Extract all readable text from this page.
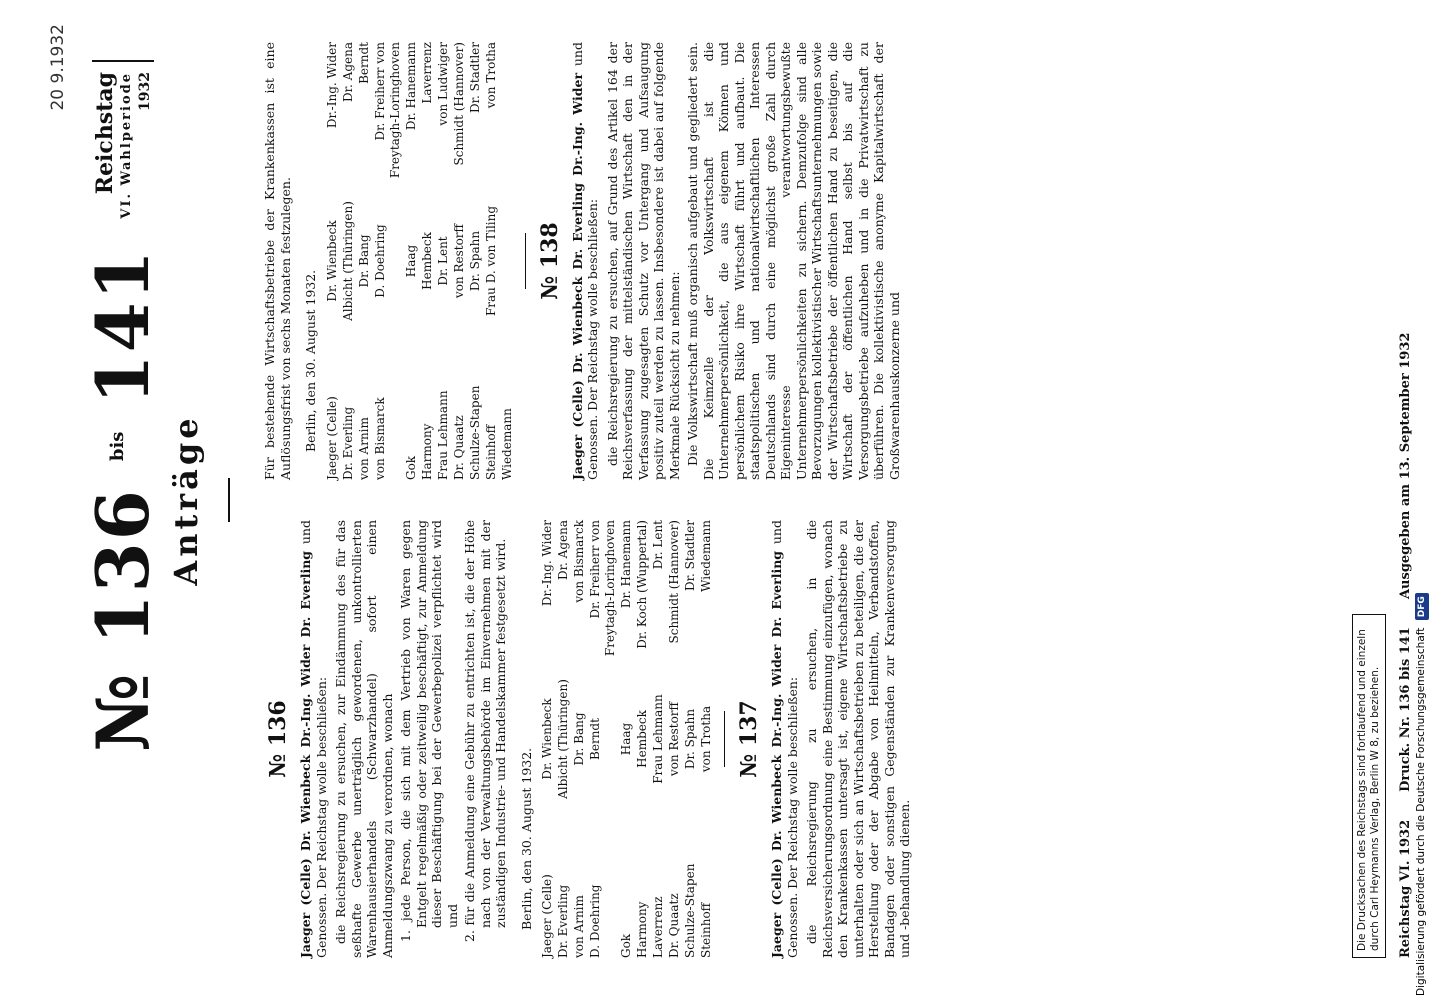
20 9.1932
Reichstag VI. Wahlperiode 1932
№ 136 $^{bis}$ 141
Anträge
№ 136 Jaeger (Celle) Dr. Wienbeck Dr.-Ing. Wider Dr. Everling und Genossen. Der Reichstag wolle beschließen: die Reichsregierung zu ersuchen, zur Eindämmung des für das seßhafte Gewerbe unerträglich gewordenen, unkontrollierten Warenhausierhandels (Schwarzhandel) sofort einen Anmeldungszwang zu verordnen, wonach 1. jede Person, die sich mit dem Vertrieb von Waren gegen Entgelt regelmäßig oder zeitweilig beschäftigt, zur Anmeldung dieser Beschäftigung bei der Gewerbepolizei verpflichtet wird und 2. für die Anmeldung eine Gebühr zu entrichten ist, die der Höhe nach von der Verwaltungsbehörde im Einvernehmen mit der zuständigen Industrie- und Handelskammer festgesetzt wird. Berlin, den 30. August 1932. Jaeger (Celle)
Dr. Wienbeck
Dr.-Ing. Wider
Dr. Everling
Albicht (Thüringen)
Dr. Agena
von Arnim
Dr. Bang
von Bismarck
D. Doehring
Berndt
Dr. Freiherr von Freytagh-Loringhoven
Gok
Haag
Dr. Hanemann
Harmony
Hembeck
Dr. Koch (Wuppertal)
Laverrenz
Frau Lehmann
Dr. Lent
Dr. Quaatz
von Restorff
Schmidt (Hannover)
Schulze-Stapen
Dr. Spahn
Dr. Stadtler
Steinhoff
von Trotha
Wiedemann
№ 137 Jaeger (Celle) Dr. Wienbeck Dr.-Ing. Wider Dr. Everling und Genossen. Der Reichstag wolle beschließen: die Reichsregierung zu ersuchen, in die Reichsversicherungsordnung eine Bestimmung einzufügen, wonach den Krankenkassen untersagt ist, eigene Wirtschaftsbetriebe zu unterhalten oder sich an Wirtschaftsbetrieben zu beteiligen, die der Herstellung oder der Abgabe von Heilmitteln, Verbandstoffen, Bandagen oder sonstigen Gegenständen zur Krankenversorgung und -behandlung dienen.

Für bestehende Wirtschaftsbetriebe der Krankenkassen ist eine Auflösungsfrist von sechs Monaten festzulegen. Berlin, den 30. August 1932. Jaeger (Celle)
Dr. Wienbeck
Dr.-Ing. Wider
Dr. Everling
Albicht (Thüringen)
Dr. Agena
von Arnim
Dr. Bang
Berndt
von Bismarck
D. Doehring
Dr. Freiherr von Freytagh-Loringhoven
Gok
Haag
Dr. Hanemann
Harmony
Hembeck
Laverrenz
Frau Lehmann
Dr. Lent
von Ludwiger
Dr. Quaatz
von Restorff
Schmidt (Hannover)
Schulze-Stapen
Dr. Spahn
Dr. Stadtler
Steinhoff
Frau D. von Tiling
von Trotha
Wiedemann
№ 138 Jaeger (Celle) Dr. Wienbeck Dr. Everling Dr.-Ing. Wider und Genossen. Der Reichstag wolle beschließen: die Reichsregierung zu ersuchen, auf Grund des Artikel 164 der Reichsverfassung der mittelständischen Wirtschaft den in der Verfassung zugesagten Schutz vor Untergang und Aufsaugung positiv zuteil werden zu lassen. Insbesondere ist dabei auf folgende Merkmale Rücksicht zu nehmen: Die Volkswirtschaft muß organisch aufgebaut und gegliedert sein. Die Keimzelle der Volkswirtschaft ist die Unternehmerpersönlichkeit, die aus eigenem Können und persönlichem Risiko ihre Wirtschaft führt und aufbaut. Die staatspolitischen und nationalwirtschaftlichen Interessen Deutschlands sind durch eine möglichst große Zahl durch Eigeninteresse verantwortungsbewußte Unternehmerpersönlichkeiten zu sichern. Demzufolge sind alle Bevorzugungen kollektivistischer Wirtschaftsunternehmungen sowie der Wirtschaftsbetriebe der öffentlichen Hand zu beseitigen, die Wirtschaft der öffentlichen Hand selbst bis auf die Versorgungsbetriebe aufzuheben und in die Privatwirtschaft zu überführen. Die kollektivistische anonyme Kapitalwirtschaft der Großwarenhauskonzerne und

Die Drucksachen des Reichstags sind fortlaufend und einzeln durch Carl Heymanns Verlag, Berlin W 8, zu beziehen.	Reichstag VI. 1932
Druck. Nr. 136 bis 141
Ausgegeben am 13. September 1932
Digitalisierung gefördert durch die Deutsche Forschungsgemeinschaft DFG
